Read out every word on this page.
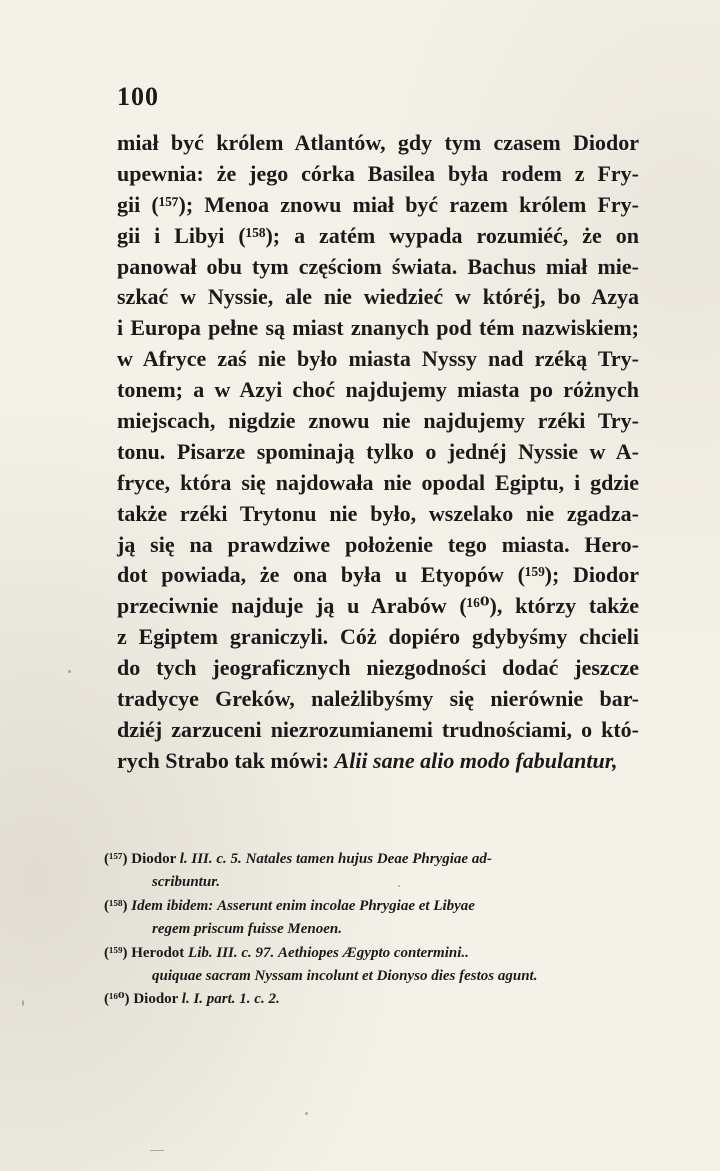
100
miał być królem Atlantów, gdy tym czasem Diodor
upewnia: że jego córka Basilea była rodem z Fry-
gii (¹⁵⁷); Menoa znowu miał być razem królem Fry-
gii i Libyi (¹⁵⁸); a zatém wypada rozumiéć, że on
panował obu tym częściom świata. Bachus miał mie-
szkać w Nyssie, ale nie wiedzieć w któréj, bo Azya
i Europa pełne są miast znanych pod tém nazwiskiem;
w Afryce zaś nie było miasta Nyssy nad rzéką Try-
tonem; a w Azyi choć najdujemy miasta po różnych
miejscach, nigdzie znowu nie najdujemy rzéki Try-
tonu. Pisarze spominają tylko o jednéj Nyssie w A-
fryce, która się najdowała nie opodal Egiptu, i gdzie
także rzéki Trytonu nie było, wszelako nie zgadza-
ją się na prawdziwe położenie tego miasta. Hero-
dot powiada, że ona była u Etyopów (¹⁵⁹); Diodor
przeciwnie najduje ją u Arabów (¹⁶⁰), którzy także
z Egiptem graniczyli. Cóż dopiéro gdybyśmy chcieli
do tych jeograficznych niezgodności dodać jeszcze
tradycye Greków, należlibyśmy się nierównie bar-
dziéj zarzuceni niezrozumianemi trudnościami, o któ-
rych Strabo tak mówi: Alii sane alio modo fabulantur,
(¹⁵⁷) Diodor l. III. c. 5. Natales tamen hujus Deae Phrygiae ad-
scribuntur.
(¹⁵⁸) Idem ibidem: Asserunt enim incolae Phrygiae et Libyae
regem priscum fuisse Menoen.
(¹⁵⁹) Herodot Lib. III. c. 97. Aethiopes Ægypto contermini..
quiquae sacram Nyssam incolunt et Dionyso dies festos agunt.
(¹⁶⁰) Diodor l. I. part. 1. c. 2.
